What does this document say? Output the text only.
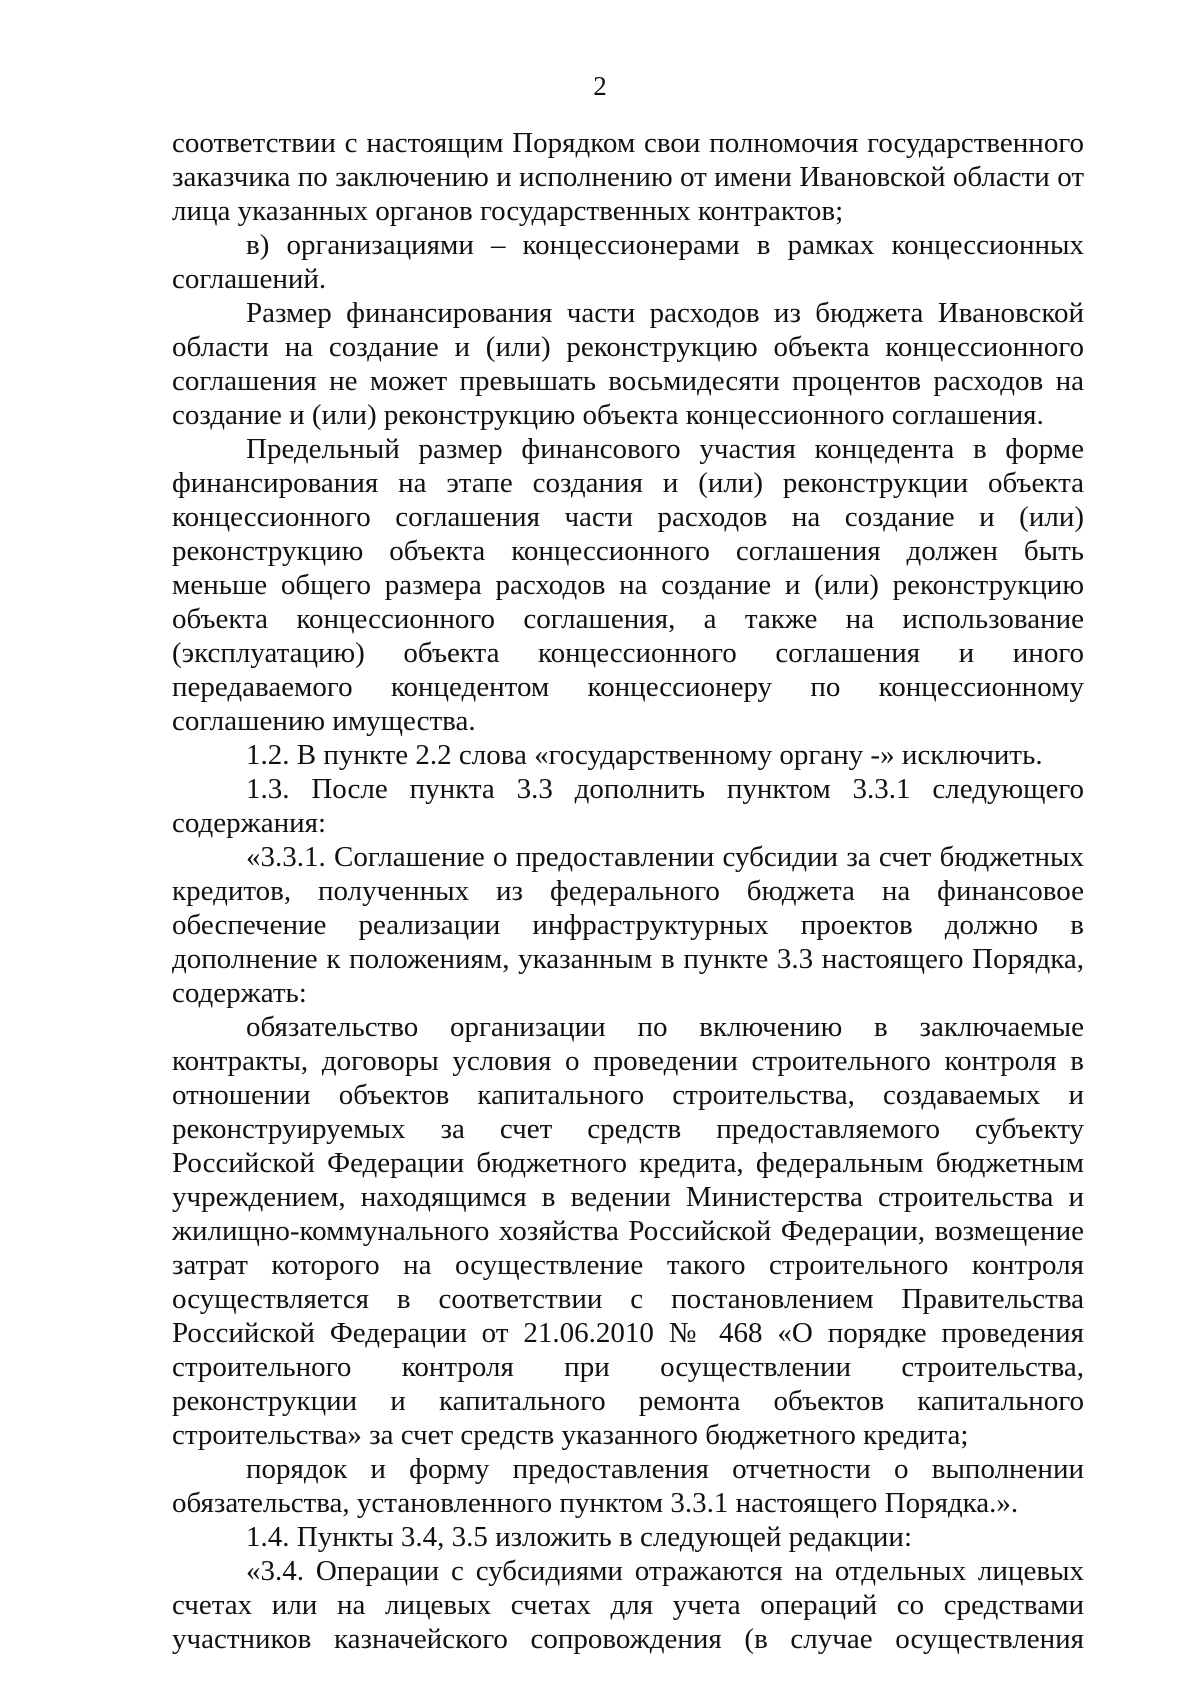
2

соответствии с настоящим Порядком свои полномочия государственного заказчика по заключению и исполнению от имени Ивановской области от лица указанных органов государственных контрактов;

в) организациями – концессионерами в рамках концессионных соглашений.

Размер финансирования части расходов из бюджета Ивановской области на создание и (или) реконструкцию объекта концессионного соглашения не может превышать восьмидесяти процентов расходов на создание и (или) реконструкцию объекта концессионного соглашения.

Предельный размер финансового участия концедента в форме финансирования на этапе создания и (или) реконструкции объекта концессионного соглашения части расходов на создание и (или) реконструкцию объекта концессионного соглашения должен быть меньше общего размера расходов на создание и (или) реконструкцию объекта концессионного соглашения, а также на использование (эксплуатацию) объекта концессионного соглашения и иного передаваемого концедентом концессионеру по концессионному соглашению имущества.

1.2. В пункте 2.2 слова «государственному органу -» исключить.

1.3. После пункта 3.3 дополнить пунктом 3.3.1 следующего содержания:

«3.3.1. Соглашение о предоставлении субсидии за счет бюджетных кредитов, полученных из федерального бюджета на финансовое обеспечение реализации инфраструктурных проектов должно в дополнение к положениям, указанным в пункте 3.3 настоящего Порядка, содержать:

обязательство организации по включению в заключаемые контракты, договоры условия о проведении строительного контроля в отношении объектов капитального строительства, создаваемых и реконструируемых за счет средств предоставляемого субъекту Российской Федерации бюджетного кредита, федеральным бюджетным учреждением, находящимся в ведении Министерства строительства и жилищно-коммунального хозяйства Российской Федерации, возмещение затрат которого на осуществление такого строительного контроля осуществляется в соответствии с постановлением Правительства Российской Федерации от 21.06.2010 № 468 «О порядке проведения строительного контроля при осуществлении строительства, реконструкции и капитального ремонта объектов капитального строительства» за счет средств указанного бюджетного кредита;

порядок и форму предоставления отчетности о выполнении обязательства, установленного пунктом 3.3.1 настоящего Порядка.».

1.4. Пункты 3.4, 3.5 изложить в следующей редакции:

«3.4. Операции с субсидиями отражаются на отдельных лицевых счетах или на лицевых счетах для учета операций со средствами участников казначейского сопровождения (в случае осуществления
